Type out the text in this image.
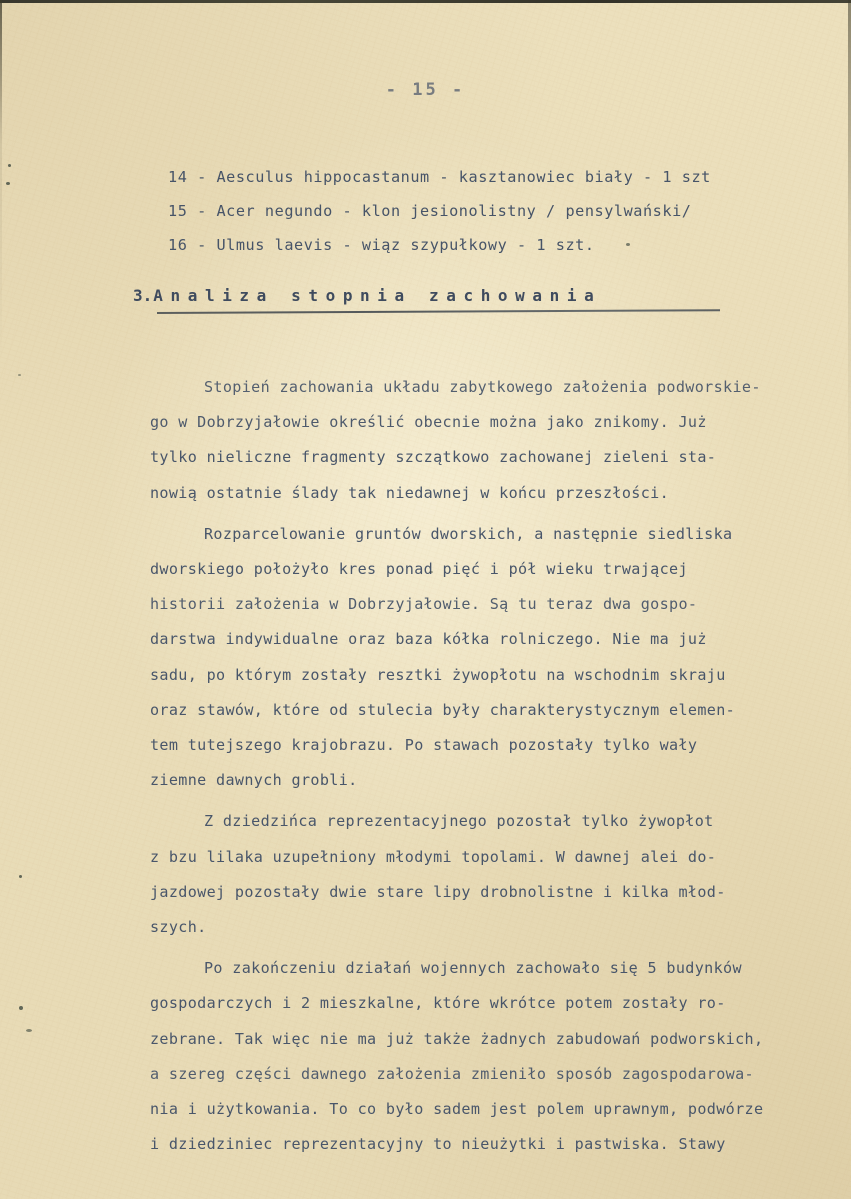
- 15 -
14 - Aesculus hippocastanum - kasztanowiec biały - 1 szt
15 - Acer negundo - klon jesionolistny / pensylwański/
16 - Ulmus laevis - wiąz szypułkowy - 1 szt.
3.Analiza stopnia zachowania
Stopień zachowania układu zabytkowego założenia podworskie-
go w Dobrzyjałowie określić obecnie można jako znikomy. Już
tylko nieliczne fragmenty szczątkowo zachowanej zieleni sta-
nowią ostatnie ślady tak niedawnej w końcu przeszłości.
Rozparcelowanie gruntów dworskich, a następnie siedliska
dworskiego położyło kres ponad pięć i pół wieku trwającej
historii założenia w Dobrzyjałowie. Są tu teraz dwa gospo-
darstwa indywidualne oraz baza kółka rolniczego. Nie ma już
sadu, po którym zostały resztki żywopłotu na wschodnim skraju
oraz stawów, które od stulecia były charakterystycznym elemen-
tem tutejszego krajobrazu. Po stawach pozostały tylko wały
ziemne dawnych grobli.
Z dziedzińca reprezentacyjnego pozostał tylko żywopłot
z bzu lilaka uzupełniony młodymi topolami. W dawnej alei do-
jazdowej pozostały dwie stare lipy drobnolistne i kilka młod-
szych.
Po zakończeniu działań wojennych zachowało się 5 budynków
gospodarczych i 2 mieszkalne, które wkrótce potem zostały ro-
zebrane. Tak więc nie ma już także żadnych zabudowań podworskich,
a szereg części dawnego założenia zmieniło sposób zagospodarowa-
nia i użytkowania. To co było sadem jest polem uprawnym, podwórze
i dziedziniec reprezentacyjny to nieużytki i pastwiska. Stawy
